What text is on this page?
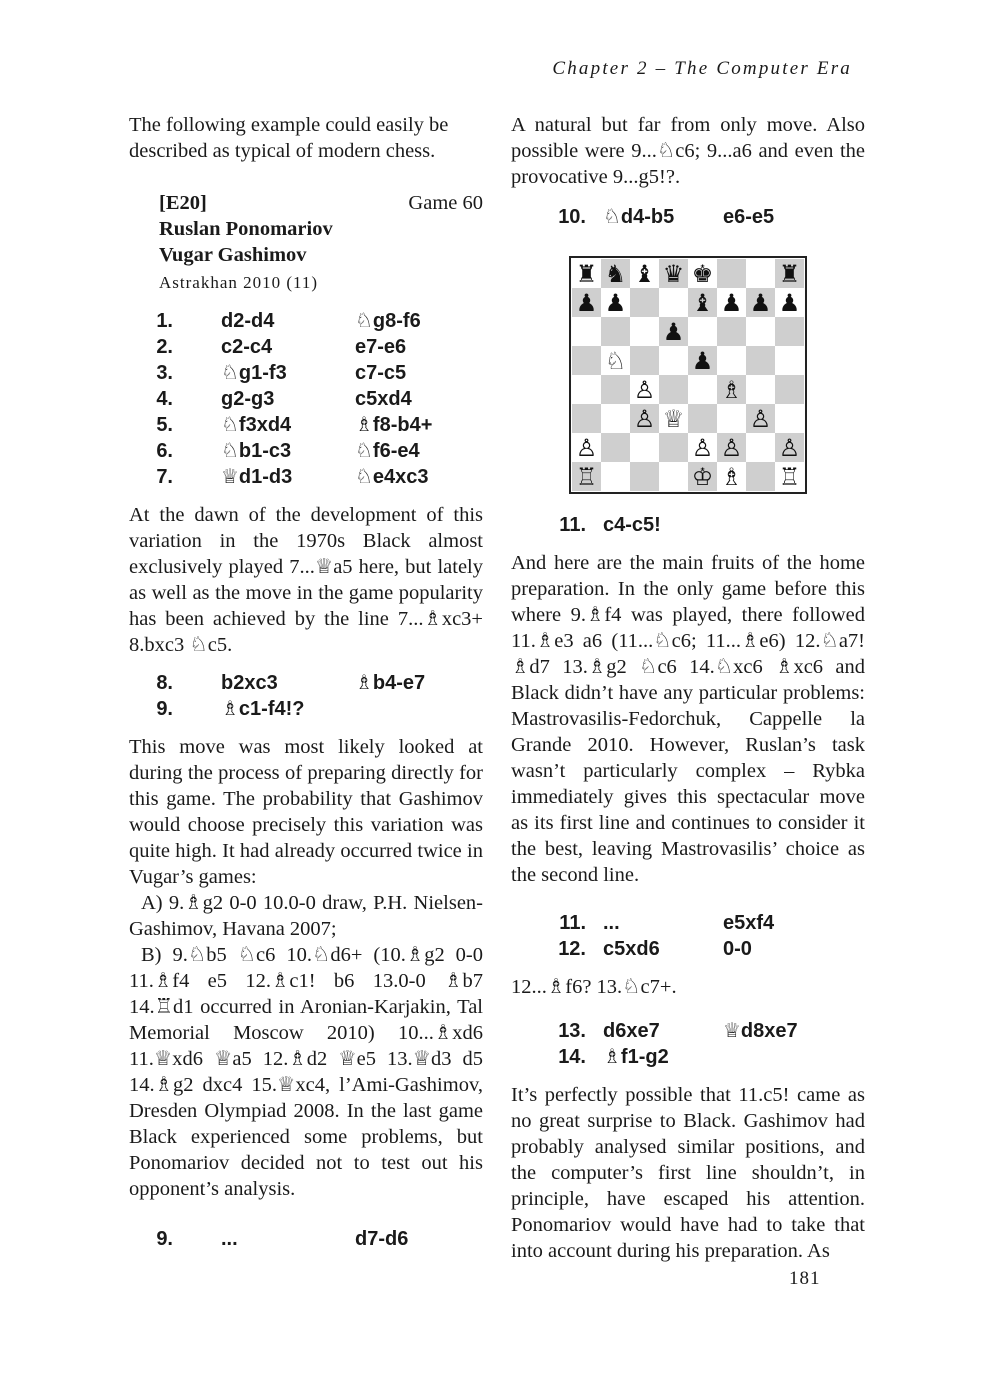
Chapter 2 – The Computer Era

The following example could easily be described as typical of modern chess.

[E20]	Game 60
Ruslan Ponomariov
Vugar Gashimov
Astrakhan 2010 (11)
1.	d2-d4	♘g8-f6
2.	c2-c4	e7-e6
3.	♘g1-f3	c7-c5
4.	g2-g3	c5xd4
5.	♘f3xd4	♗f8-b4+
6.	♘b1-c3	♘f6-e4
7.	♕d1-d3	♘e4xc3

At the dawn of the development of this variation in the 1970s Black almost exclusively played 7...♕a5 here, but lately as well as the move in the game popularity has been achieved by the line 7...♗xc3+ 8.bxc3 ♘c5.

8.	b2xc3	♗b4-e7
9.	♗c1-f4!?

This move was most likely looked at during the process of preparing directly for this game. The probability that Gashimov would choose precisely this variation was quite high. It had already occurred twice in Vugar’s games:

A) 9.♗g2 0-0 10.0-0 draw, P.H. Nielsen-Gashimov, Havana 2007;

B) 9.♘b5 ♘c6 10.♘d6+ (10.♗g2 0-0 11.♗f4 e5 12.♗c1! b6 13.0-0 ♗b7 14.♖d1 occurred in Aronian-Karjakin, Tal Memorial Moscow 2010) 10...♗xd6 11.♕xd6 ♕a5 12.♗d2 ♕e5 13.♕d3 d5 14.♗g2 dxc4 15.♕xc4, l’Ami-Gashimov, Dresden Olympiad 2008. In the last game Black experienced some problems, but Ponomariov decided not to test out his opponent’s analysis.

9.	...	d7-d6

A natural but far from only move. Also possible were 9...♘c6; 9...a6 and even the provocative 9...g5!?.

10. ♘d4-b5	e6-e5
♜ ♞ ♝ ♛ ♚	♜
♟ ♟	♝ ♟ ♟ ♟
♟
♘	♟
♙	♗
♙ ♕	♙
♙	♙ ♙ ♙
♖	♔ ♗ ♖
11. c4-c5!

And here are the main fruits of the home preparation. In the only game before this where 9.♗f4 was played, there followed 11.♗e3 a6 (11...♘c6; 11...♗e6) 12.♘a7! ♗d7 13.♗g2 ♘c6 14.♘xc6 ♗xc6 and Black didn’t have any particular problems: Mastrovasilis-Fedorchuk, Cappelle la Grande 2010. However, Ruslan’s task wasn’t particularly complex – Rybka immediately gives this spectacular move as its first line and continues to consider it the best, leaving Mastrovasilis’ choice as the second line.

11. ...	e5xf4
12. c5xd6	0-0

12...♗f6? 13.♘c7+.

13. d6xe7	♕d8xe7
14. ♗f1-g2

It’s perfectly possible that 11.c5! came as no great surprise to Black. Gashimov had probably analysed similar positions, and the computer’s first line shouldn’t, in principle, have escaped his attention. Ponomariov would have had to take that into account during his preparation. As

181
